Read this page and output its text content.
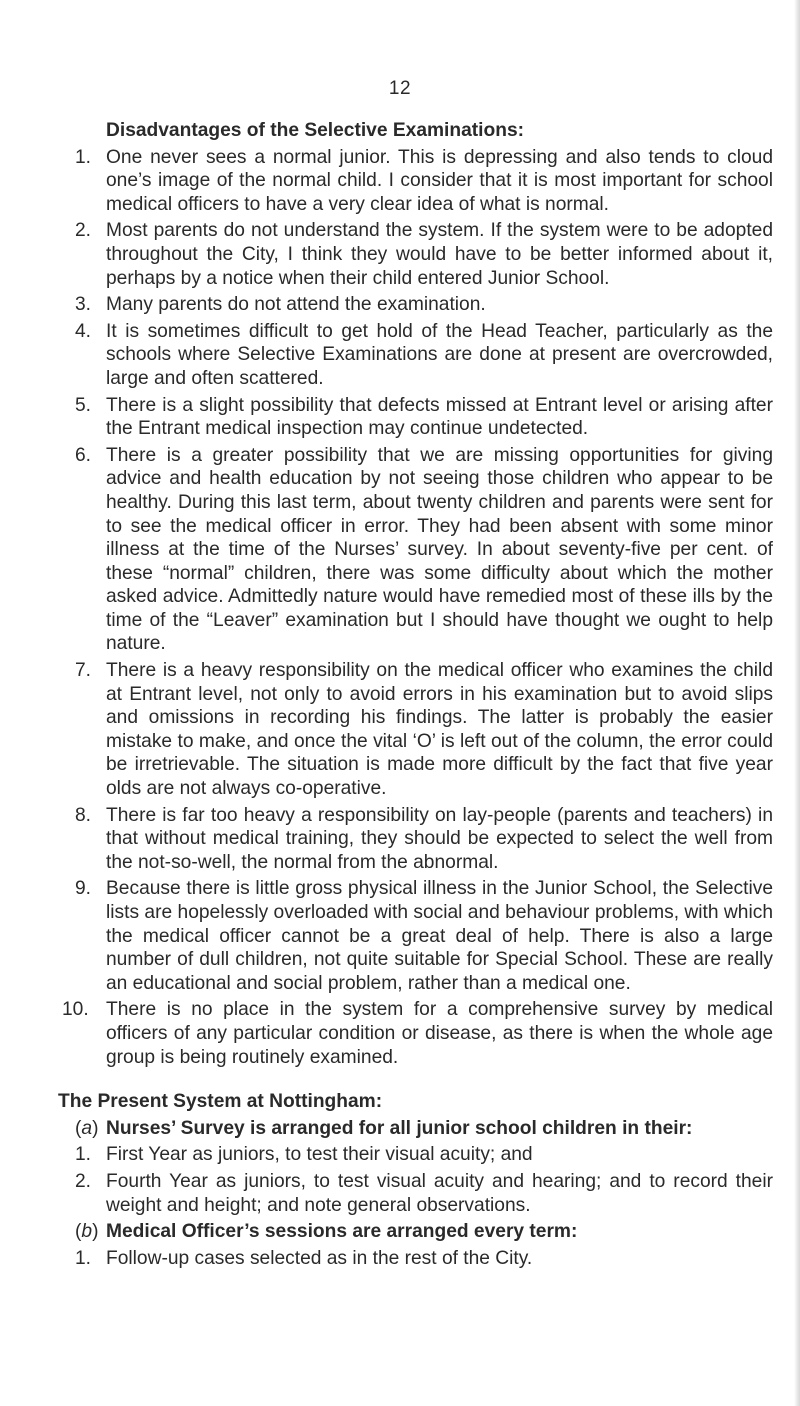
12
Disadvantages of the Selective Examinations:
1. One never sees a normal junior. This is depressing and also tends to cloud one’s image of the normal child. I consider that it is most important for school medical officers to have a very clear idea of what is normal.
2. Most parents do not understand the system. If the system were to be adopted throughout the City, I think they would have to be better informed about it, perhaps by a notice when their child entered Junior School.
3. Many parents do not attend the examination.
4. It is sometimes difficult to get hold of the Head Teacher, particularly as the schools where Selective Examinations are done at present are overcrowded, large and often scattered.
5. There is a slight possibility that defects missed at Entrant level or arising after the Entrant medical inspection may continue undetected.
6. There is a greater possibility that we are missing opportunities for giving advice and health education by not seeing those children who appear to be healthy. During this last term, about twenty children and parents were sent for to see the medical officer in error. They had been absent with some minor illness at the time of the Nurses’ survey. In about seventy-five per cent. of these “normal” children, there was some difficulty about which the mother asked advice. Admittedly nature would have remedied most of these ills by the time of the “Leaver” examination but I should have thought we ought to help nature.
7. There is a heavy responsibility on the medical officer who examines the child at Entrant level, not only to avoid errors in his examination but to avoid slips and omissions in recording his findings. The latter is probably the easier mistake to make, and once the vital ‘O’ is left out of the column, the error could be irretrievable. The situation is made more difficult by the fact that five year olds are not always co-operative.
8. There is far too heavy a responsibility on lay-people (parents and teachers) in that without medical training, they should be expected to select the well from the not-so-well, the normal from the abnormal.
9. Because there is little gross physical illness in the Junior School, the Selective lists are hopelessly overloaded with social and behaviour problems, with which the medical officer cannot be a great deal of help. There is also a large number of dull children, not quite suitable for Special School. These are really an educational and social problem, rather than a medical one.
10. There is no place in the system for a comprehensive survey by medical officers of any particular condition or disease, as there is when the whole age group is being routinely examined.
The Present System at Nottingham:
(a) Nurses’ Survey is arranged for all junior school children in their:
1. First Year as juniors, to test their visual acuity; and
2. Fourth Year as juniors, to test visual acuity and hearing; and to record their weight and height; and note general observations.
(b) Medical Officer’s sessions are arranged every term:
1. Follow-up cases selected as in the rest of the City.
